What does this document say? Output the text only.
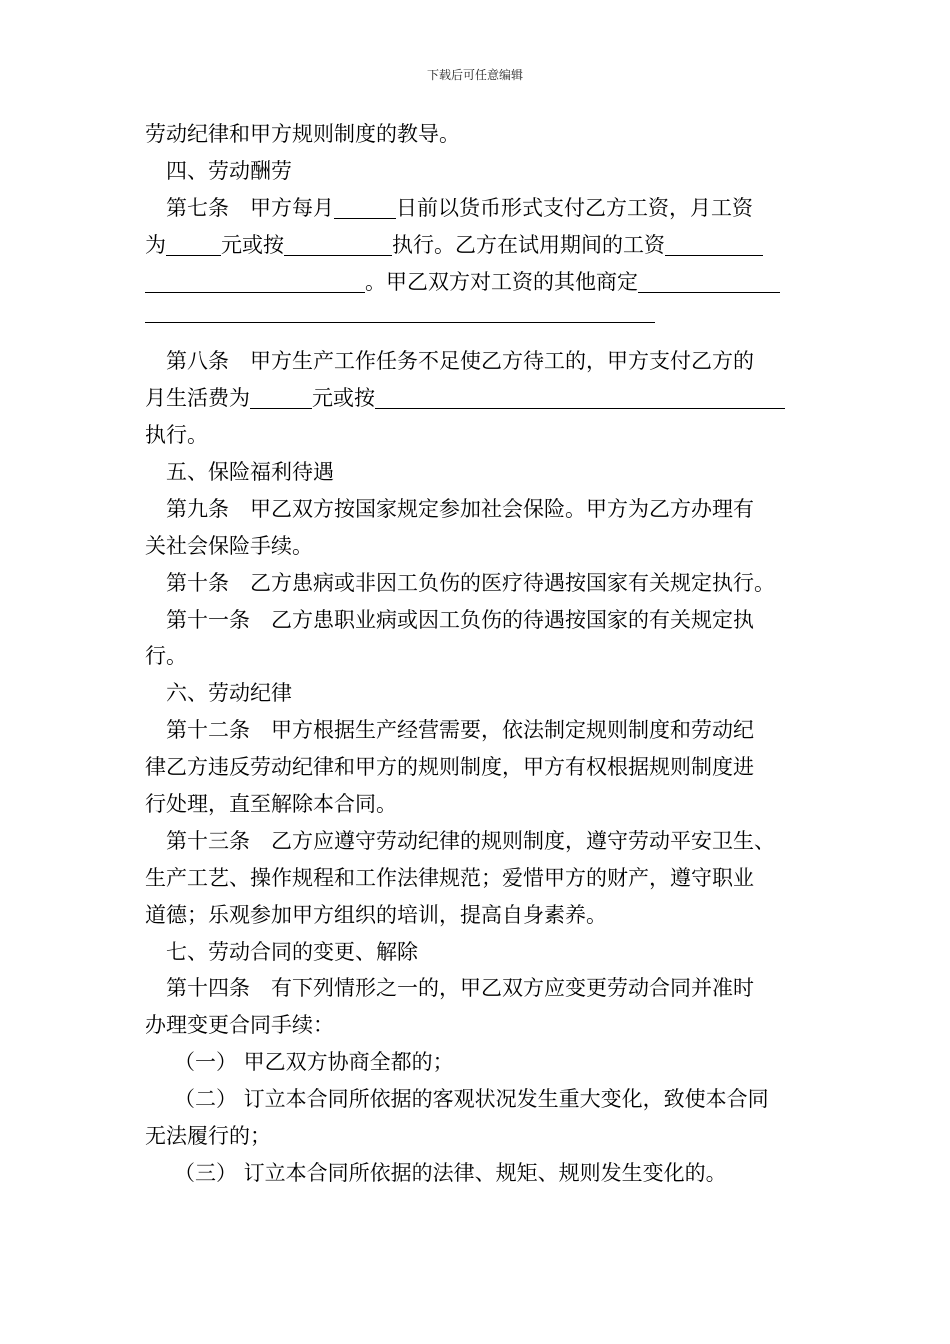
下载后可任意编辑
劳动纪律和甲方规则制度的教导。
四、劳动酬劳
第七条　甲方每月	日前以货币形式支付乙方工资，月工资
为	元或按	执行。乙方在试用期间的工资
。甲乙双方对工资的其他商定
第八条　甲方生产工作任务不足使乙方待工的，甲方支付乙方的
月生活费为	元或按
执行。
五、保险福利待遇
第九条　甲乙双方按国家规定参加社会保险。甲方为乙方办理有
关社会保险手续。
第十条　乙方患病或非因工负伤的医疗待遇按国家有关规定执行。
第十一条　乙方患职业病或因工负伤的待遇按国家的有关规定执
行。
六、劳动纪律
第十二条　甲方根据生产经营需要，依法制定规则制度和劳动纪
律乙方违反劳动纪律和甲方的规则制度，甲方有权根据规则制度进
行处理，直至解除本合同。
第十三条　乙方应遵守劳动纪律的规则制度，遵守劳动平安卫生、
生产工艺、操作规程和工作法律规范；爱惜甲方的财产，遵守职业
道德；乐观参加甲方组织的培训，提高自身素养。
七、劳动合同的变更、解除
第十四条　有下列情形之一的，甲乙双方应变更劳动合同并准时
办理变更合同手续：
（一） 甲乙双方协商全都的；
（二） 订立本合同所依据的客观状况发生重大变化，致使本合同
无法履行的；
（三） 订立本合同所依据的法律、规矩、规则发生变化的。
